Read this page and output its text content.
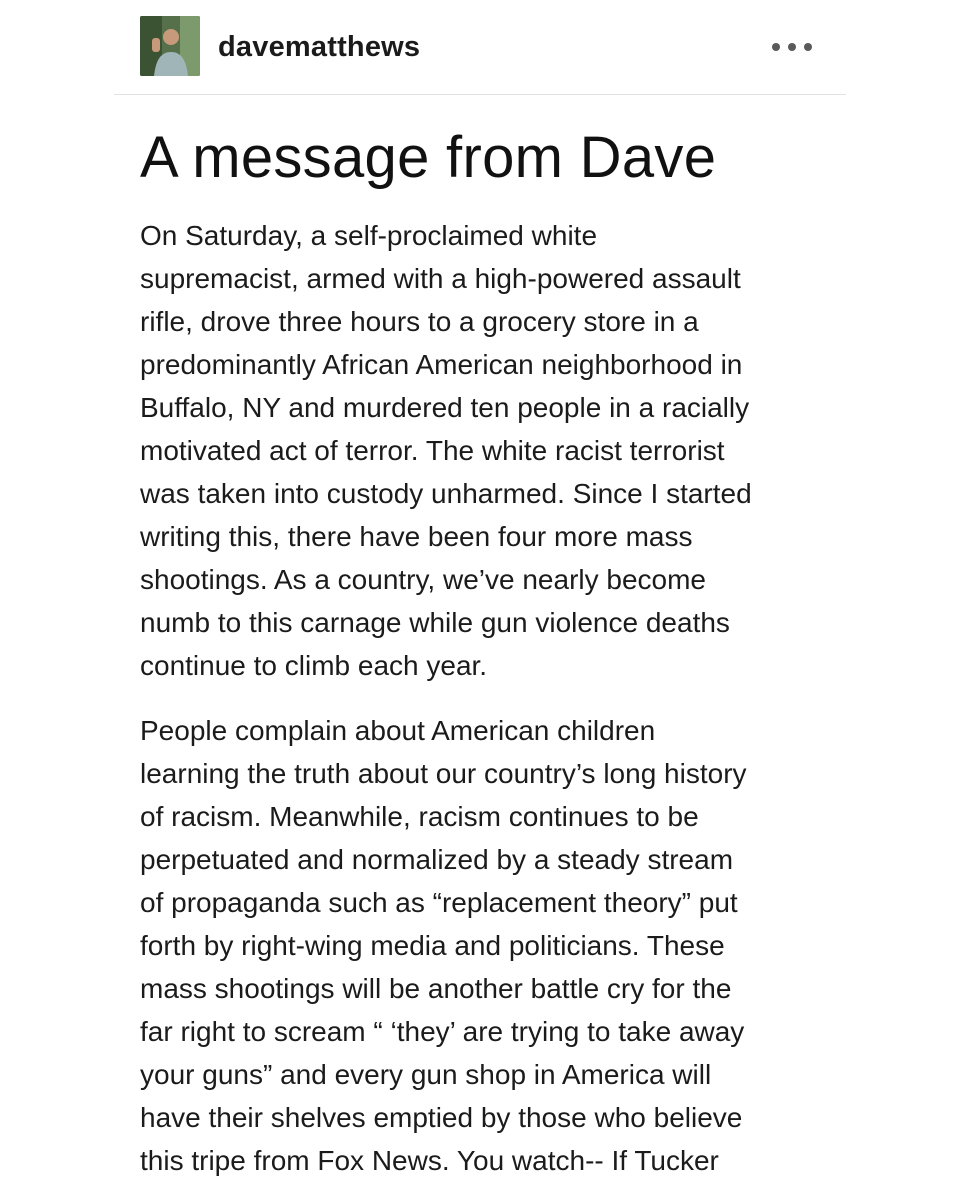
davematthews
A message from Dave

On Saturday, a self-proclaimed white
supremacist, armed with a high-powered assault
rifle, drove three hours to a grocery store in a
predominantly African American neighborhood in
Buffalo, NY and murdered ten people in a racially
motivated act of terror. The white racist terrorist
was taken into custody unharmed. Since I started
writing this, there have been four more mass
shootings. As a country, we’ve nearly become
numb to this carnage while gun violence deaths
continue to climb each year.

People complain about American children
learning the truth about our country’s long history
of racism. Meanwhile, racism continues to be
perpetuated and normalized by a steady stream
of propaganda such as “replacement theory” put
forth by right-wing media and politicians. These
mass shootings will be another battle cry for the
far right to scream “ ‘they’ are trying to take away
your guns” and every gun shop in America will
have their shelves emptied by those who believe
this tripe from Fox News. You watch-- If Tucker
